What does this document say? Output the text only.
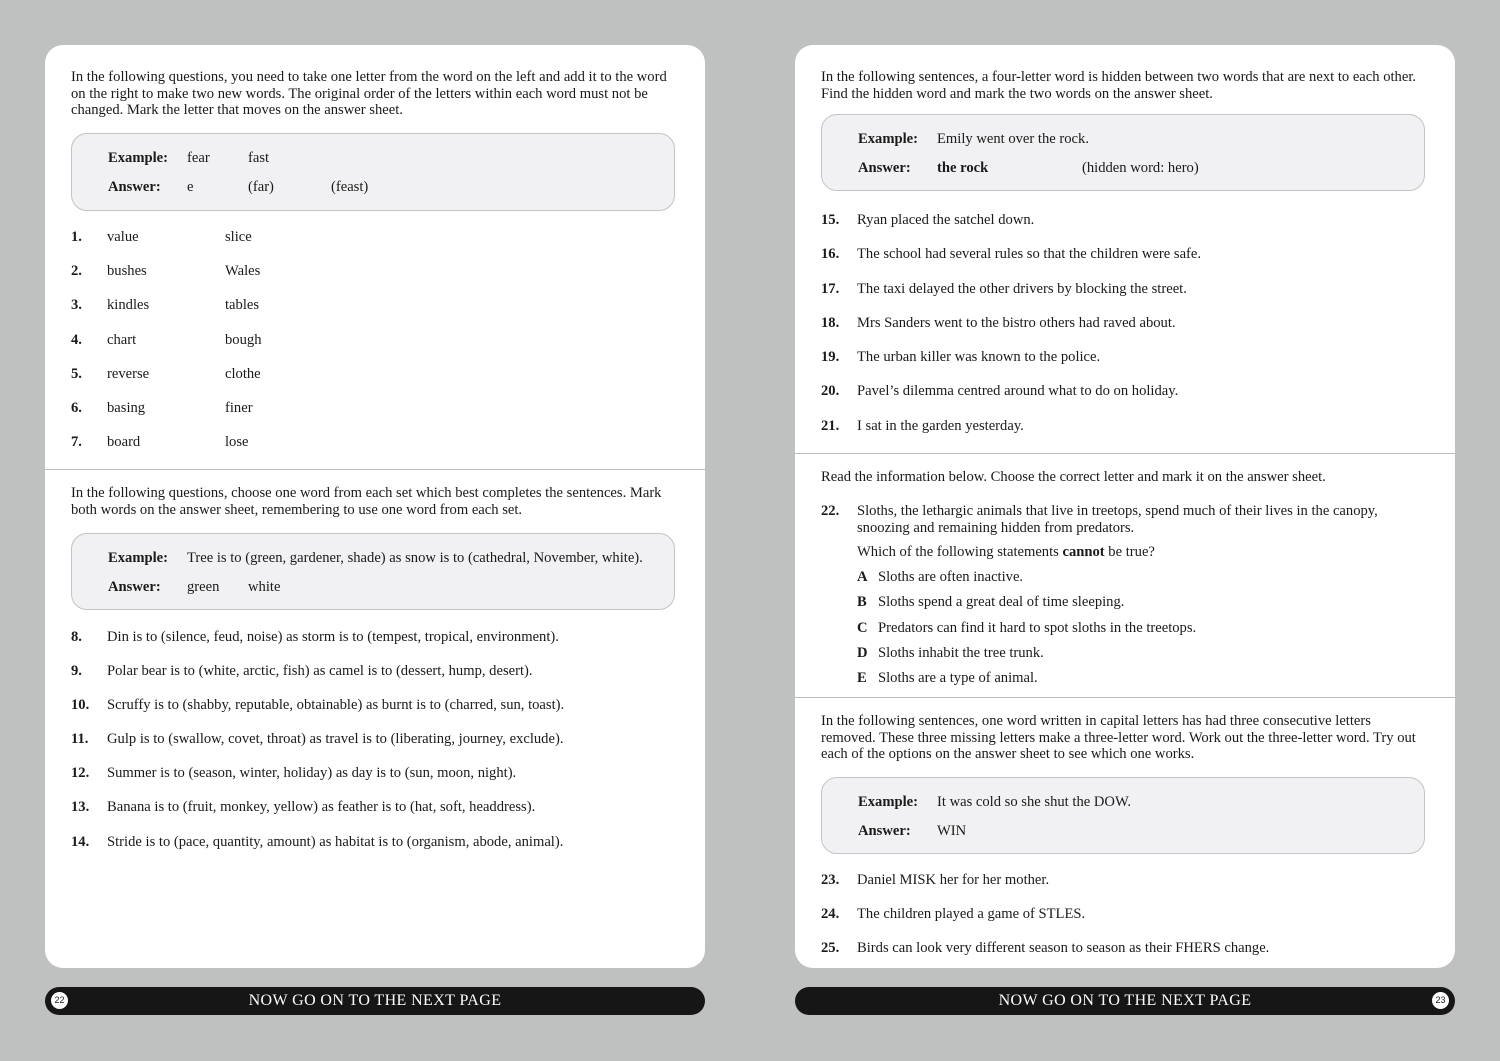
In the following questions, you need to take one letter from the word on the left and add it to the word on the right to make two new words. The original order of the letters within each word must not be changed. Mark the letter that moves on the answer sheet.

Example: fear	fast
Answer: e	(far)	(feast)
1. value	slice
2. bushes	Wales
3. kindles	tables
4. chart	bough
5. reverse	clothe
6. basing	finer
7. board	lose

In the following questions, choose one word from each set which best completes the sentences. Mark both words on the answer sheet, remembering to use one word from each set.

Example: Tree is to (green, gardener, shade) as snow is to (cathedral, November, white).
Answer: green white
8. Din is to (silence, feud, noise) as storm is to (tempest, tropical, environment).
9. Polar bear is to (white, arctic, fish) as camel is to (dessert, hump, desert).
10. Scruffy is to (shabby, reputable, obtainable) as burnt is to (charred, sun, toast).
11. Gulp is to (swallow, covet, throat) as travel is to (liberating, journey, exclude).
12. Summer is to (season, winter, holiday) as day is to (sun, moon, night).
13. Banana is to (fruit, monkey, yellow) as feather is to (hat, soft, headdress).
14. Stride is to (pace, quantity, amount) as habitat is to (organism, abode, animal).

In the following sentences, a four-letter word is hidden between two words that are next to each other. Find the hidden word and mark the two words on the answer sheet.

Example: Emily went over the rock.
Answer: the rock	(hidden word: hero)
15. Ryan placed the satchel down.
16. The school had several rules so that the children were safe.
17. The taxi delayed the other drivers by blocking the street.
18. Mrs Sanders went to the bistro others had raved about.
19. The urban killer was known to the police.
20. Pavel’s dilemma centred around what to do on holiday.
21. I sat in the garden yesterday.

Read the information below. Choose the correct letter and mark it on the answer sheet.

22. Sloths, the lethargic animals that live in treetops, spend much of their lives in the canopy, snoozing and remaining hidden from predators.
Which of the following statements cannot be true?
A Sloths are often inactive.
B Sloths spend a great deal of time sleeping.
C Predators can find it hard to spot sloths in the treetops.
D Sloths inhabit the tree trunk.
E Sloths are a type of animal.

In the following sentences, one word written in capital letters has had three consecutive letters removed. These three missing letters make a three-letter word. Work out the three-letter word. Try out each of the options on the answer sheet to see which one works.

Example: It was cold so she shut the DOW.
Answer: WIN
23. Daniel MISK her for her mother.
24. The children played a game of STLES.
25. Birds can look very different season to season as their FHERS change.
22	NOW GO ON TO THE NEXT PAGE	23
NOW GO ON TO THE NEXT PAGE
